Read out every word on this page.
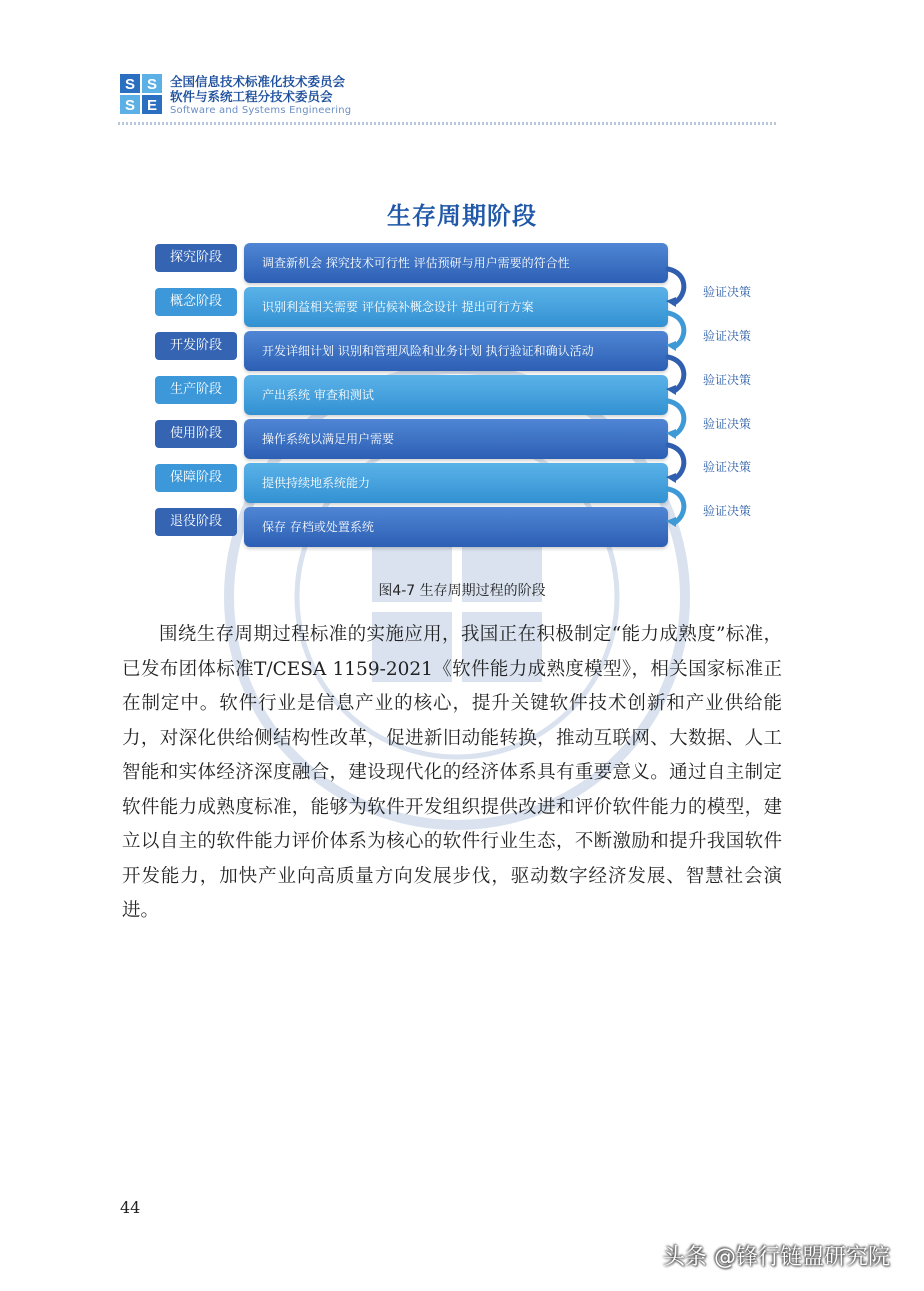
S S
S E
全国信息技术标准化技术委员会
软件与系统工程分技术委员会
Software and Systems Engineering
生存周期阶段
探究阶段	调查新机会 探究技术可行性 评估预研与用户需要的符合性
概念阶段	识别利益相关需要 评估候补概念设计 提出可行方案
开发阶段	开发详细计划 识别和管理风险和业务计划 执行验证和确认活动
生产阶段	产出系统 审查和测试
使用阶段	操作系统以满足用户需要
保障阶段	提供持续地系统能力
退役阶段	保存 存档或处置系统
验证决策
验证决策
验证决策
验证决策
验证决策
验证决策
图4-7 生存周期过程的阶段

围绕生存周期过程标准的实施应用，我国正在积极制定“能力成熟度”标准，已发布团体标准T/CESA 1159-2021《软件能力成熟度模型》，相关国家标准正在制定中。软件行业是信息产业的核心，提升关键软件技术创新和产业供给能力，对深化供给侧结构性改革，促进新旧动能转换，推动互联网、大数据、人工智能和实体经济深度融合，建设现代化的经济体系具有重要意义。通过自主制定软件能力成熟度标准，能够为软件开发组织提供改进和评价软件能力的模型，建立以自主的软件能力评价体系为核心的软件行业生态，不断激励和提升我国软件开发能力，加快产业向高质量方向发展步伐，驱动数字经济发展、智慧社会演进。

44
头条 @锋行链盟研究院
